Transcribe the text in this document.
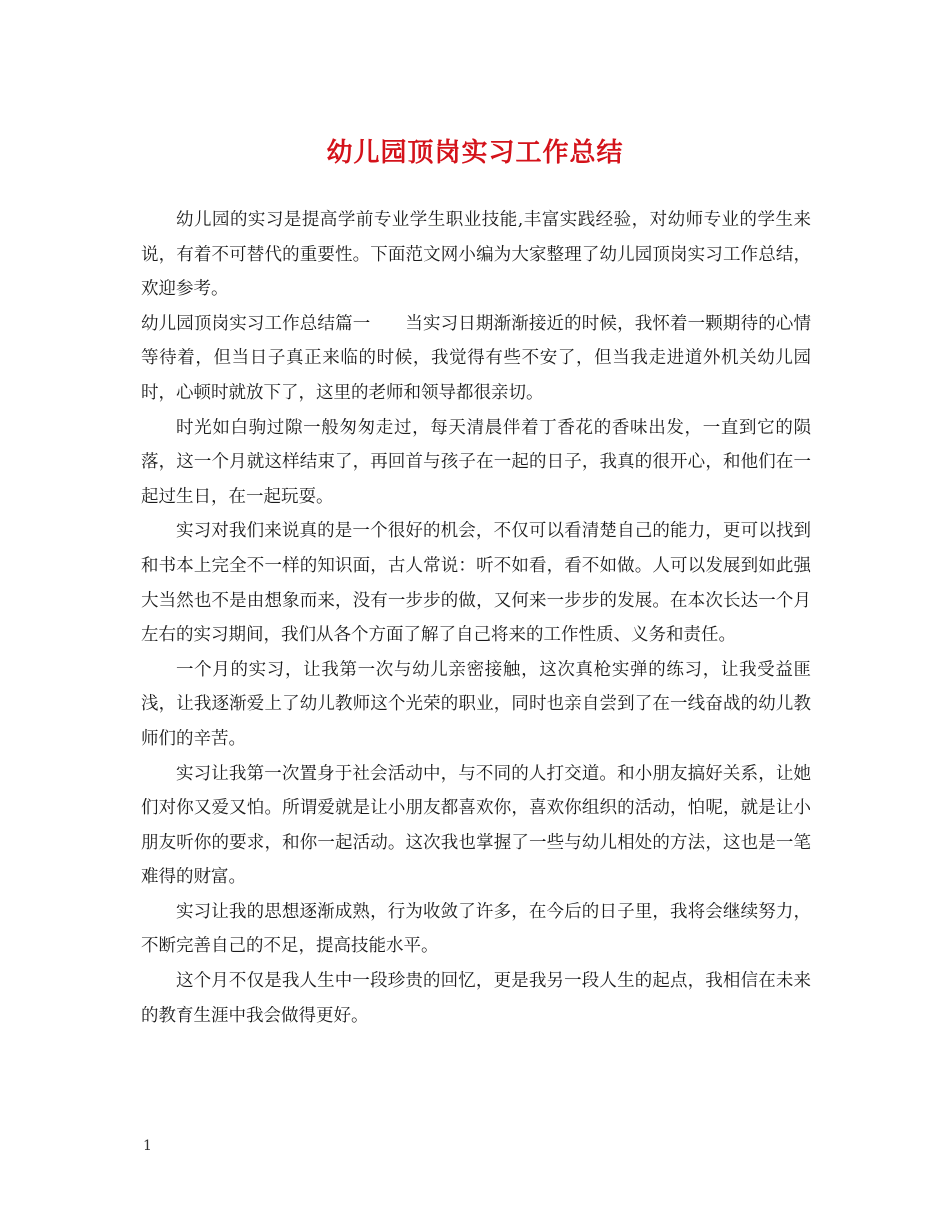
幼儿园顶岗实习工作总结

幼儿园的实习是提高学前专业学生职业技能,丰富实践经验，对幼师专业的学生来说，有着不可替代的重要性。下面范文网小编为大家整理了幼儿园顶岗实习工作总结，欢迎参考。

幼儿园顶岗实习工作总结篇一 当实习日期渐渐接近的时候，我怀着一颗期待的心情等待着，但当日子真正来临的时候，我觉得有些不安了，但当我走进道外机关幼儿园时，心顿时就放下了，这里的老师和领导都很亲切。

时光如白驹过隙一般匆匆走过，每天清晨伴着丁香花的香味出发，一直到它的陨落，这一个月就这样结束了，再回首与孩子在一起的日子，我真的很开心，和他们在一起过生日，在一起玩耍。

实习对我们来说真的是一个很好的机会，不仅可以看清楚自己的能力，更可以找到和书本上完全不一样的知识面，古人常说：听不如看，看不如做。人可以发展到如此强大当然也不是由想象而来，没有一步步的做，又何来一步步的发展。在本次长达一个月左右的实习期间，我们从各个方面了解了自己将来的工作性质、义务和责任。

一个月的实习，让我第一次与幼儿亲密接触，这次真枪实弹的练习，让我受益匪浅，让我逐渐爱上了幼儿教师这个光荣的职业，同时也亲自尝到了在一线奋战的幼儿教师们的辛苦。

实习让我第一次置身于社会活动中，与不同的人打交道。和小朋友搞好关系，让她们对你又爱又怕。所谓爱就是让小朋友都喜欢你，喜欢你组织的活动，怕呢，就是让小朋友听你的要求，和你一起活动。这次我也掌握了一些与幼儿相处的方法，这也是一笔难得的财富。

实习让我的思想逐渐成熟，行为收敛了许多，在今后的日子里，我将会继续努力，不断完善自己的不足，提高技能水平。

这个月不仅是我人生中一段珍贵的回忆，更是我另一段人生的起点，我相信在未来的教育生涯中我会做得更好。

1
